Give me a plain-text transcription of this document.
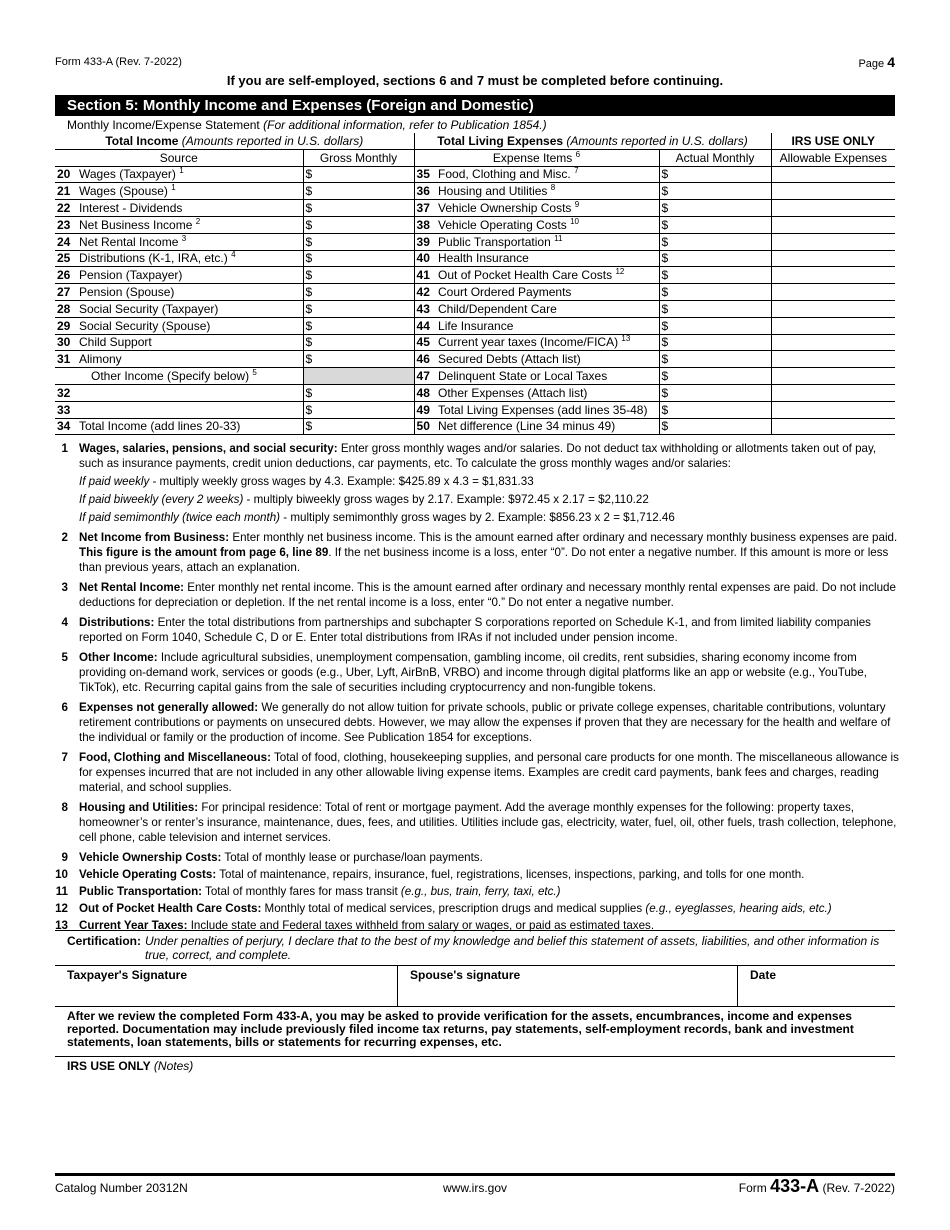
Form 433-A (Rev. 7-2022)	Page 4
If you are self-employed, sections 6 and 7 must be completed before continuing.
Section 5: Monthly Income and Expenses (Foreign and Domestic)
Monthly Income/Expense Statement (For additional information, refer to Publication 1854.)
Total Income (Amounts reported in U.S. dollars)			Total Living Expenses (Amounts reported in U.S. dollars)			IRS USE ONLY
Source		Gross Monthly	Expense Items $^6$		Actual Monthly	Allowable Expenses
20	Wages (Taxpayer) $^1$	$	35	Food, Clothing and Misc. $^7$	$	
21	Wages (Spouse) $^1$	$	36	Housing and Utilities $^8$	$	
22	Interest - Dividends	$	37	Vehicle Ownership Costs $^9$	$	
23	Net Business Income $^2$	$	38	Vehicle Operating Costs $^{10}$	$	
24	Net Rental Income $^3$	$	39	Public Transportation $^{11}$	$	
25	Distributions (K-1, IRA, etc.) $^4$	$	40	Health Insurance	$	
26	Pension (Taxpayer)	$	41	Out of Pocket Health Care Costs $^{12}$	$	
27	Pension (Spouse)	$	42	Court Ordered Payments	$	
28	Social Security (Taxpayer)	$	43	Child/Dependent Care	$	
29	Social Security (Spouse)	$	44	Life Insurance	$	
30	Child Support	$	45	Current year taxes (Income/FICA) $^{13}$	$	
31	Alimony	$	46	Secured Debts (Attach list)	$	
Other Income (Specify below) $^5$			47	Delinquent State or Local Taxes	$	
32		$	48	Other Expenses (Attach list)	$	
33		$	49	Total Living Expenses (add lines 35-48)	$	
34	Total Income (add lines 20-33)	$	50	Net difference (Line 34 minus 49)	$	
1 Wages, salaries, pensions, and social security: Enter gross monthly wages and/or salaries. Do not deduct tax withholding or allotments taken out of pay, such as insurance payments, credit union deductions, car payments, etc. To calculate the gross monthly wages and/or salaries:
If paid weekly - multiply weekly gross wages by 4.3. Example: $425.89 x 4.3 = $1,831.33
If paid biweekly (every 2 weeks) - multiply biweekly gross wages by 2.17. Example: $972.45 x 2.17 = $2,110.22
If paid semimonthly (twice each month) - multiply semimonthly gross wages by 2. Example: $856.23 x 2 = $1,712.46
2 Net Income from Business: Enter monthly net business income. This is the amount earned after ordinary and necessary monthly business expenses are paid. This figure is the amount from page 6, line 89. If the net business income is a loss, enter “0”. Do not enter a negative number. If this amount is more or less than previous years, attach an explanation.
3 Net Rental Income: Enter monthly net rental income. This is the amount earned after ordinary and necessary monthly rental expenses are paid. Do not include deductions for depreciation or depletion. If the net rental income is a loss, enter “0.” Do not enter a negative number.
4 Distributions: Enter the total distributions from partnerships and subchapter S corporations reported on Schedule K-1, and from limited liability companies reported on Form 1040, Schedule C, D or E. Enter total distributions from IRAs if not included under pension income.
5 Other Income: Include agricultural subsidies, unemployment compensation, gambling income, oil credits, rent subsidies, sharing economy income from providing on-demand work, services or goods (e.g., Uber, Lyft, AirBnB, VRBO) and income through digital platforms like an app or website (e.g., YouTube, TikTok), etc. Recurring capital gains from the sale of securities including cryptocurrency and non-fungible tokens.
6 Expenses not generally allowed: We generally do not allow tuition for private schools, public or private college expenses, charitable contributions, voluntary retirement contributions or payments on unsecured debts. However, we may allow the expenses if proven that they are necessary for the health and welfare of the individual or family or the production of income. See Publication 1854 for exceptions.
7 Food, Clothing and Miscellaneous: Total of food, clothing, housekeeping supplies, and personal care products for one month. The miscellaneous allowance is for expenses incurred that are not included in any other allowable living expense items. Examples are credit card payments, bank fees and charges, reading material, and school supplies.
8 Housing and Utilities: For principal residence: Total of rent or mortgage payment. Add the average monthly expenses for the following: property taxes, homeowner’s or renter’s insurance, maintenance, dues, fees, and utilities. Utilities include gas, electricity, water, fuel, oil, other fuels, trash collection, telephone, cell phone, cable television and internet services.
9 Vehicle Ownership Costs: Total of monthly lease or purchase/loan payments.
10 Vehicle Operating Costs: Total of maintenance, repairs, insurance, fuel, registrations, licenses, inspections, parking, and tolls for one month.
11 Public Transportation: Total of monthly fares for mass transit (e.g., bus, train, ferry, taxi, etc.)
12 Out of Pocket Health Care Costs: Monthly total of medical services, prescription drugs and medical supplies (e.g., eyeglasses, hearing aids, etc.)
13 Current Year Taxes: Include state and Federal taxes withheld from salary or wages, or paid as estimated taxes.
Certification: Under penalties of perjury, I declare that to the best of my knowledge and belief this statement of assets, liabilities, and other information is true, correct, and complete.
Taxpayer's Signature	Spouse's signature	Date
After we review the completed Form 433-A, you may be asked to provide verification for the assets, encumbrances, income and expenses reported. Documentation may include previously filed income tax returns, pay statements, self-employment records, bank and investment statements, loan statements, bills or statements for recurring expenses, etc.
IRS USE ONLY (Notes)
Catalog Number 20312N	www.irs.gov	Form 433-A (Rev. 7-2022)
